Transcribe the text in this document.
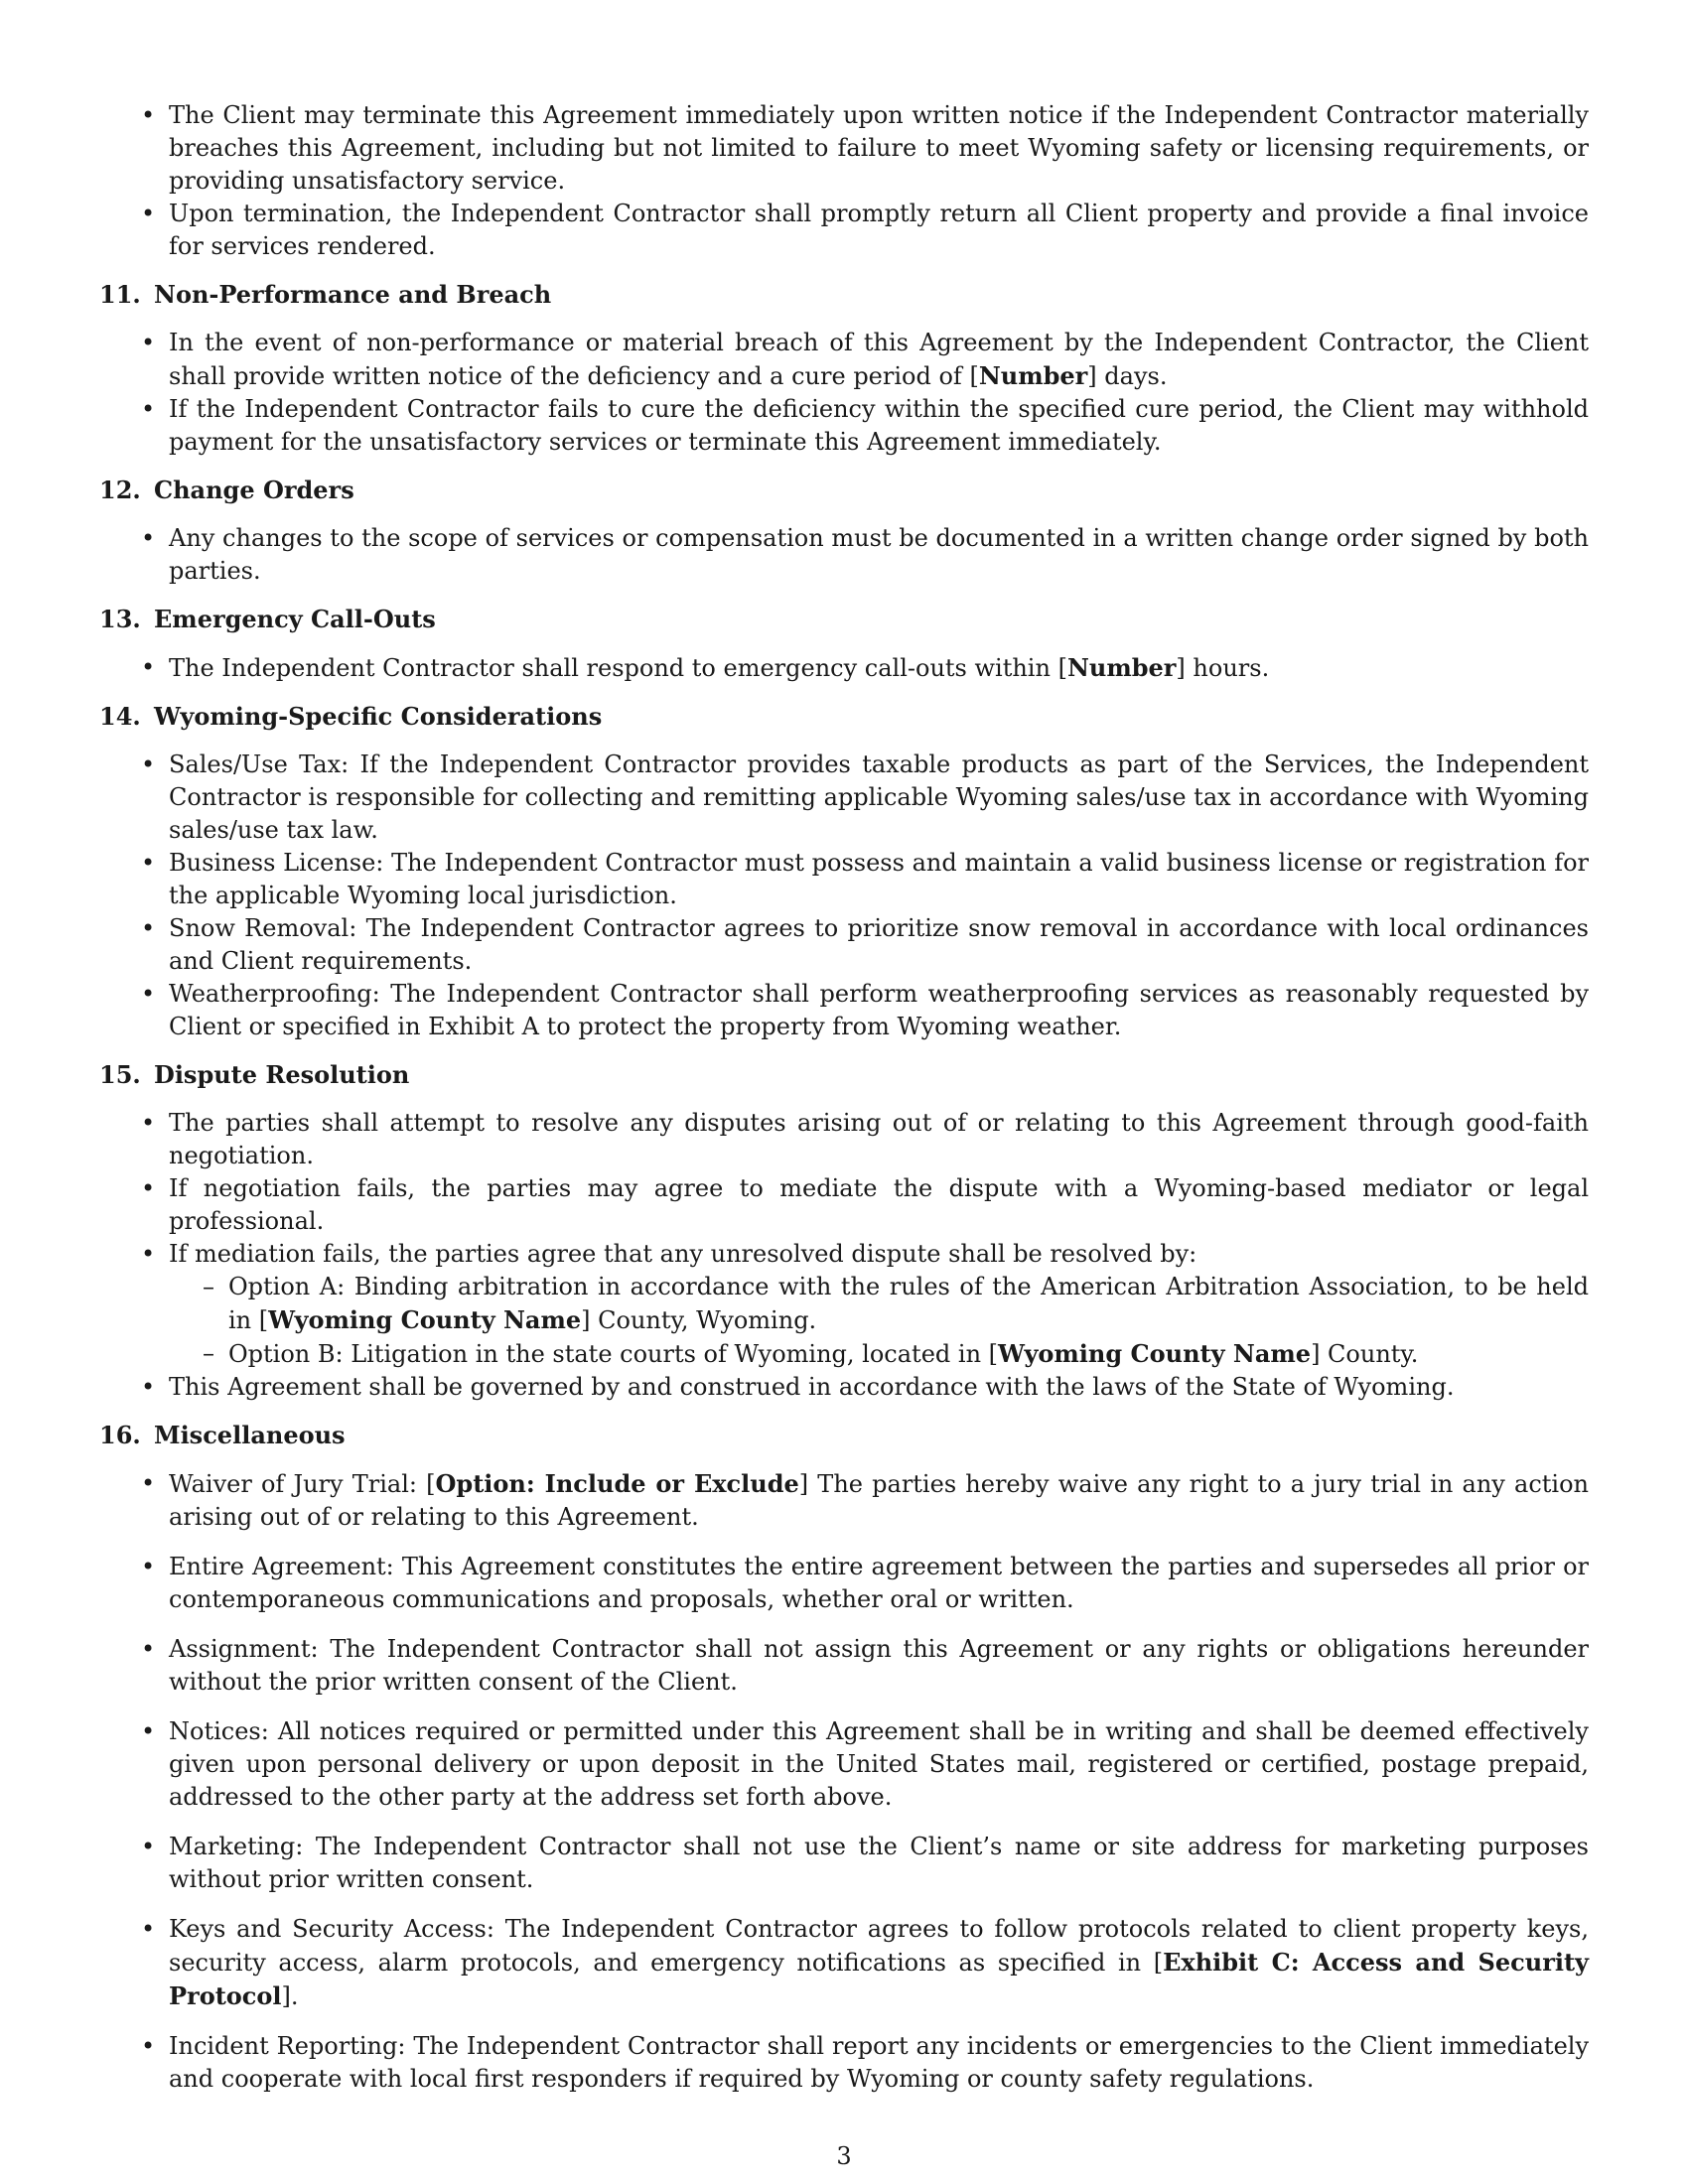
• The Client may terminate this Agreement immediately upon written notice if the Independent Contractor materially breaches this Agreement, including but not limited to failure to meet Wyoming safety or licensing requirements, or providing unsatisfactory service.
• Upon termination, the Independent Contractor shall promptly return all Client property and provide a final invoice for services rendered.
11. Non-Performance and Breach
• In the event of non-performance or material breach of this Agreement by the Independent Contractor, the Client shall provide written notice of the deficiency and a cure period of [Number] days.
• If the Independent Contractor fails to cure the deficiency within the specified cure period, the Client may withhold payment for the unsatisfactory services or terminate this Agreement immediately.
12. Change Orders
• Any changes to the scope of services or compensation must be documented in a written change order signed by both parties.
13. Emergency Call-Outs
• The Independent Contractor shall respond to emergency call-outs within [Number] hours.
14. Wyoming-Specific Considerations
• Sales/Use Tax: If the Independent Contractor provides taxable products as part of the Services, the Independent Contractor is responsible for collecting and remitting applicable Wyoming sales/use tax in accordance with Wyoming sales/use tax law.
• Business License: The Independent Contractor must possess and maintain a valid business license or registration for the applicable Wyoming local jurisdiction.
• Snow Removal: The Independent Contractor agrees to prioritize snow removal in accordance with local ordinances and Client requirements.
• Weatherproofing: The Independent Contractor shall perform weatherproofing services as reasonably requested by Client or specified in Exhibit A to protect the property from Wyoming weather.
15. Dispute Resolution
• The parties shall attempt to resolve any disputes arising out of or relating to this Agreement through good-faith negotiation.
• If negotiation fails, the parties may agree to mediate the dispute with a Wyoming-based mediator or legal professional.
• If mediation fails, the parties agree that any unresolved dispute shall be resolved by:
– Option A: Binding arbitration in accordance with the rules of the American Arbitration Association, to be held in [Wyoming County Name] County, Wyoming.
– Option B: Litigation in the state courts of Wyoming, located in [Wyoming County Name] County.
• This Agreement shall be governed by and construed in accordance with the laws of the State of Wyoming.
16. Miscellaneous
• Waiver of Jury Trial: [Option: Include or Exclude] The parties hereby waive any right to a jury trial in any action arising out of or relating to this Agreement.
• Entire Agreement: This Agreement constitutes the entire agreement between the parties and supersedes all prior or contemporaneous communications and proposals, whether oral or written.
• Assignment: The Independent Contractor shall not assign this Agreement or any rights or obligations hereunder without the prior written consent of the Client.
• Notices: All notices required or permitted under this Agreement shall be in writing and shall be deemed effectively given upon personal delivery or upon deposit in the United States mail, registered or certified, postage prepaid, addressed to the other party at the address set forth above.
• Marketing: The Independent Contractor shall not use the Client’s name or site address for marketing purposes without prior written consent.
• Keys and Security Access: The Independent Contractor agrees to follow protocols related to client property keys, security access, alarm protocols, and emergency notifications as specified in [Exhibit C: Access and Security Protocol].
• Incident Reporting: The Independent Contractor shall report any incidents or emergencies to the Client immediately and cooperate with local first responders if required by Wyoming or county safety regulations.
3
